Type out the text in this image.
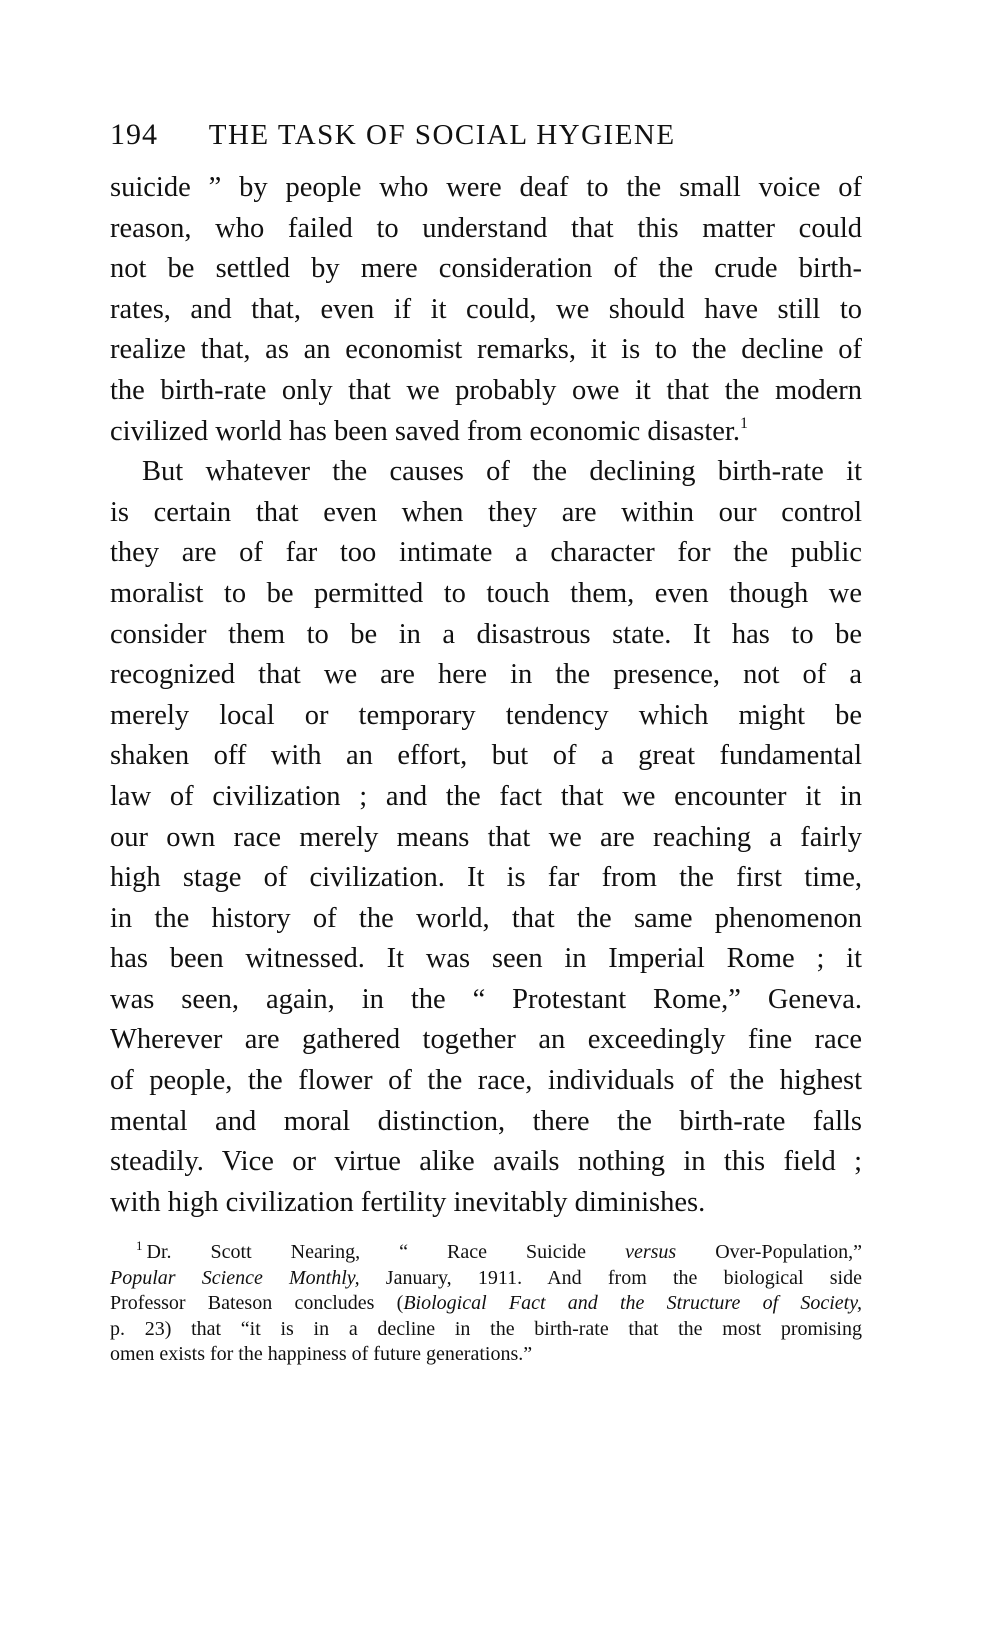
194 THE TASK OF SOCIAL HYGIENE
suicide ” by people who were deaf to the small voice of
reason, who failed to understand that this matter could
not be settled by mere consideration of the crude birth-
rates, and that, even if it could, we should have still to
realize that, as an economist remarks, it is to the decline of
the birth-rate only that we probably owe it that the modern
civilized world has been saved from economic disaster.$^1$
But whatever the causes of the declining birth-rate it
is certain that even when they are within our control
they are of far too intimate a character for the public
moralist to be permitted to touch them, even though we
consider them to be in a disastrous state. It has to be
recognized that we are here in the presence, not of a
merely local or temporary tendency which might be
shaken off with an effort, but of a great fundamental
law of civilization ; and the fact that we encounter it in
our own race merely means that we are reaching a fairly
high stage of civilization. It is far from the first time,
in the history of the world, that the same phenomenon
has been witnessed. It was seen in Imperial Rome ; it
was seen, again, in the “ Protestant Rome,” Geneva.
Wherever are gathered together an exceedingly fine race
of people, the flower of the race, individuals of the highest
mental and moral distinction, there the birth-rate falls
steadily. Vice or virtue alike avails nothing in this field ;
with high civilization fertility inevitably diminishes.
$^1$ Dr. Scott Nearing, “ Race Suicide versus Over-Population,”
Popular Science Monthly, January, 1911. And from the biological side
Professor Bateson concludes (Biological Fact and the Structure of Society,
p. 23) that “it is in a decline in the birth-rate that the most promising
omen exists for the happiness of future generations.”
